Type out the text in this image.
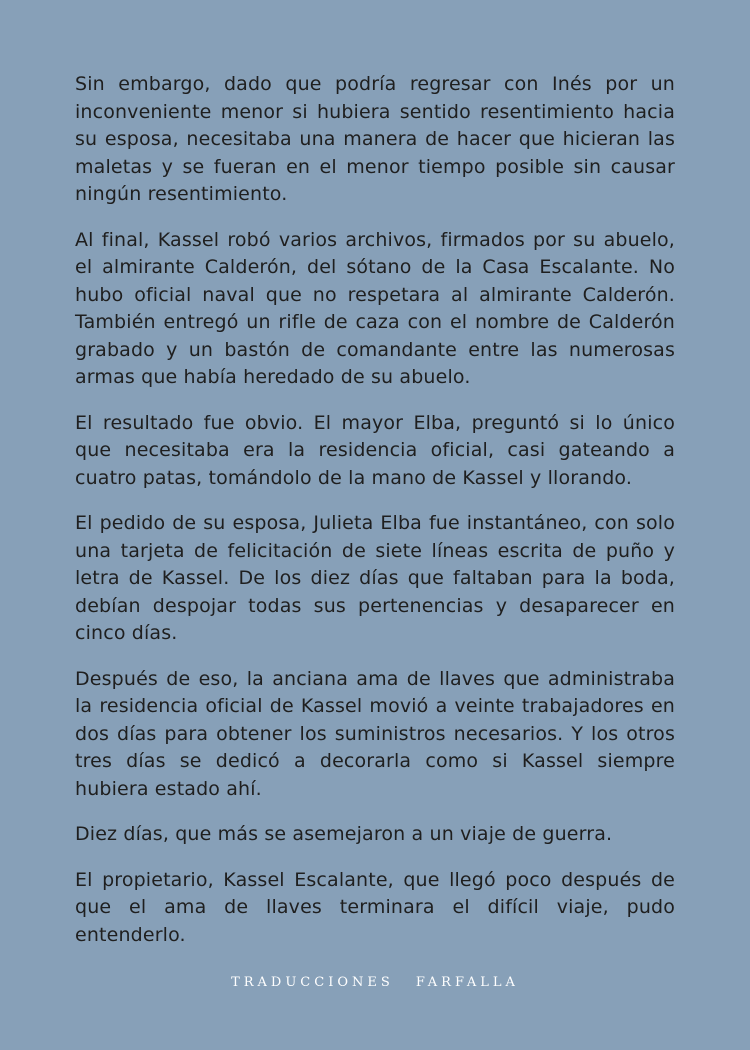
Sin embargo, dado que podría regresar con Inés por un inconveniente menor si hubiera sentido resentimiento hacia su esposa, necesitaba una manera de hacer que hicieran las maletas y se fueran en el menor tiempo posible sin causar ningún resentimiento.

Al final, Kassel robó varios archivos, firmados por su abuelo, el almirante Calderón, del sótano de la Casa Escalante. No hubo oficial naval que no respetara al almirante Calderón. También entregó un rifle de caza con el nombre de Calderón grabado y un bastón de comandante entre las numerosas armas que había heredado de su abuelo.

El resultado fue obvio. El mayor Elba, preguntó si lo único que necesitaba era la residencia oficial, casi gateando a cuatro patas, tomándolo de la mano de Kassel y llorando.

El pedido de su esposa, Julieta Elba fue instantáneo, con solo una tarjeta de felicitación de siete líneas escrita de puño y letra de Kassel. De los diez días que faltaban para la boda, debían despojar todas sus pertenencias y desaparecer en cinco días.

Después de eso, la anciana ama de llaves que administraba la residencia oficial de Kassel movió a veinte trabajadores en dos días para obtener los suministros necesarios. Y los otros tres días se dedicó a decorarla como si Kassel siempre hubiera estado ahí.

Diez días, que más se asemejaron a un viaje de guerra.

El propietario, Kassel Escalante, que llegó poco después de que el ama de llaves terminara el difícil viaje, pudo entenderlo.

TRADUCCIONES FARFALLA
